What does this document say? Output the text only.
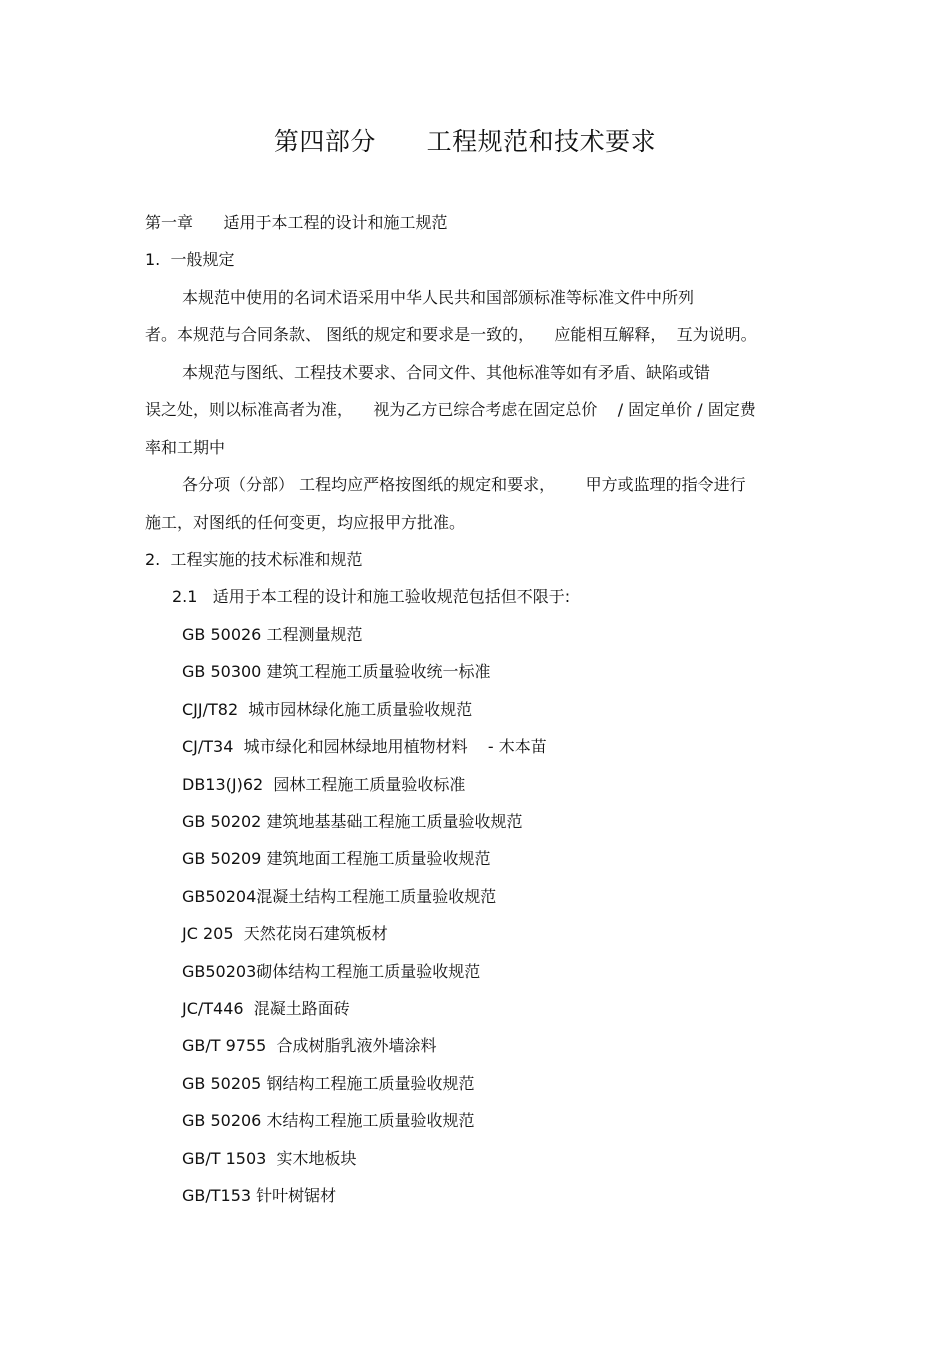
第四部分      工程规范和技术要求
第一章      适用于本工程的设计和施工规范
1.  一般规定
本规范中使用的名词术语采用中华人民共和国部颁标准等标准文件中所列
者。本规范与合同条款、 图纸的规定和要求是一致的，    应能相互解释，  互为说明。
本规范与图纸、工程技术要求、合同文件、其他标准等如有矛盾、缺陷或错
误之处，则以标准高者为准，    视为乙方已综合考虑在固定总价    / 固定单价 / 固定费
率和工期中
各分项（分部） 工程均应严格按图纸的规定和要求，      甲方或监理的指令进行
施工，对图纸的任何变更，均应报甲方批准。
2.  工程实施的技术标准和规范
2.1   适用于本工程的设计和施工验收规范包括但不限于:
GB 50026 工程测量规范
GB 50300 建筑工程施工质量验收统一标准
CJJ/T82  城市园林绿化施工质量验收规范
CJ/T34  城市绿化和园林绿地用植物材料    - 木本苗
DB13(J)62  园林工程施工质量验收标准
GB 50202 建筑地基基础工程施工质量验收规范
GB 50209 建筑地面工程施工质量验收规范
GB50204混凝土结构工程施工质量验收规范
JC 205  天然花岗石建筑板材
GB50203砌体结构工程施工质量验收规范
JC/T446  混凝土路面砖
GB/T 9755  合成树脂乳液外墙涂料
GB 50205 钢结构工程施工质量验收规范
GB 50206 木结构工程施工质量验收规范
GB/T 1503  实木地板块
GB/T153 针叶树锯材
